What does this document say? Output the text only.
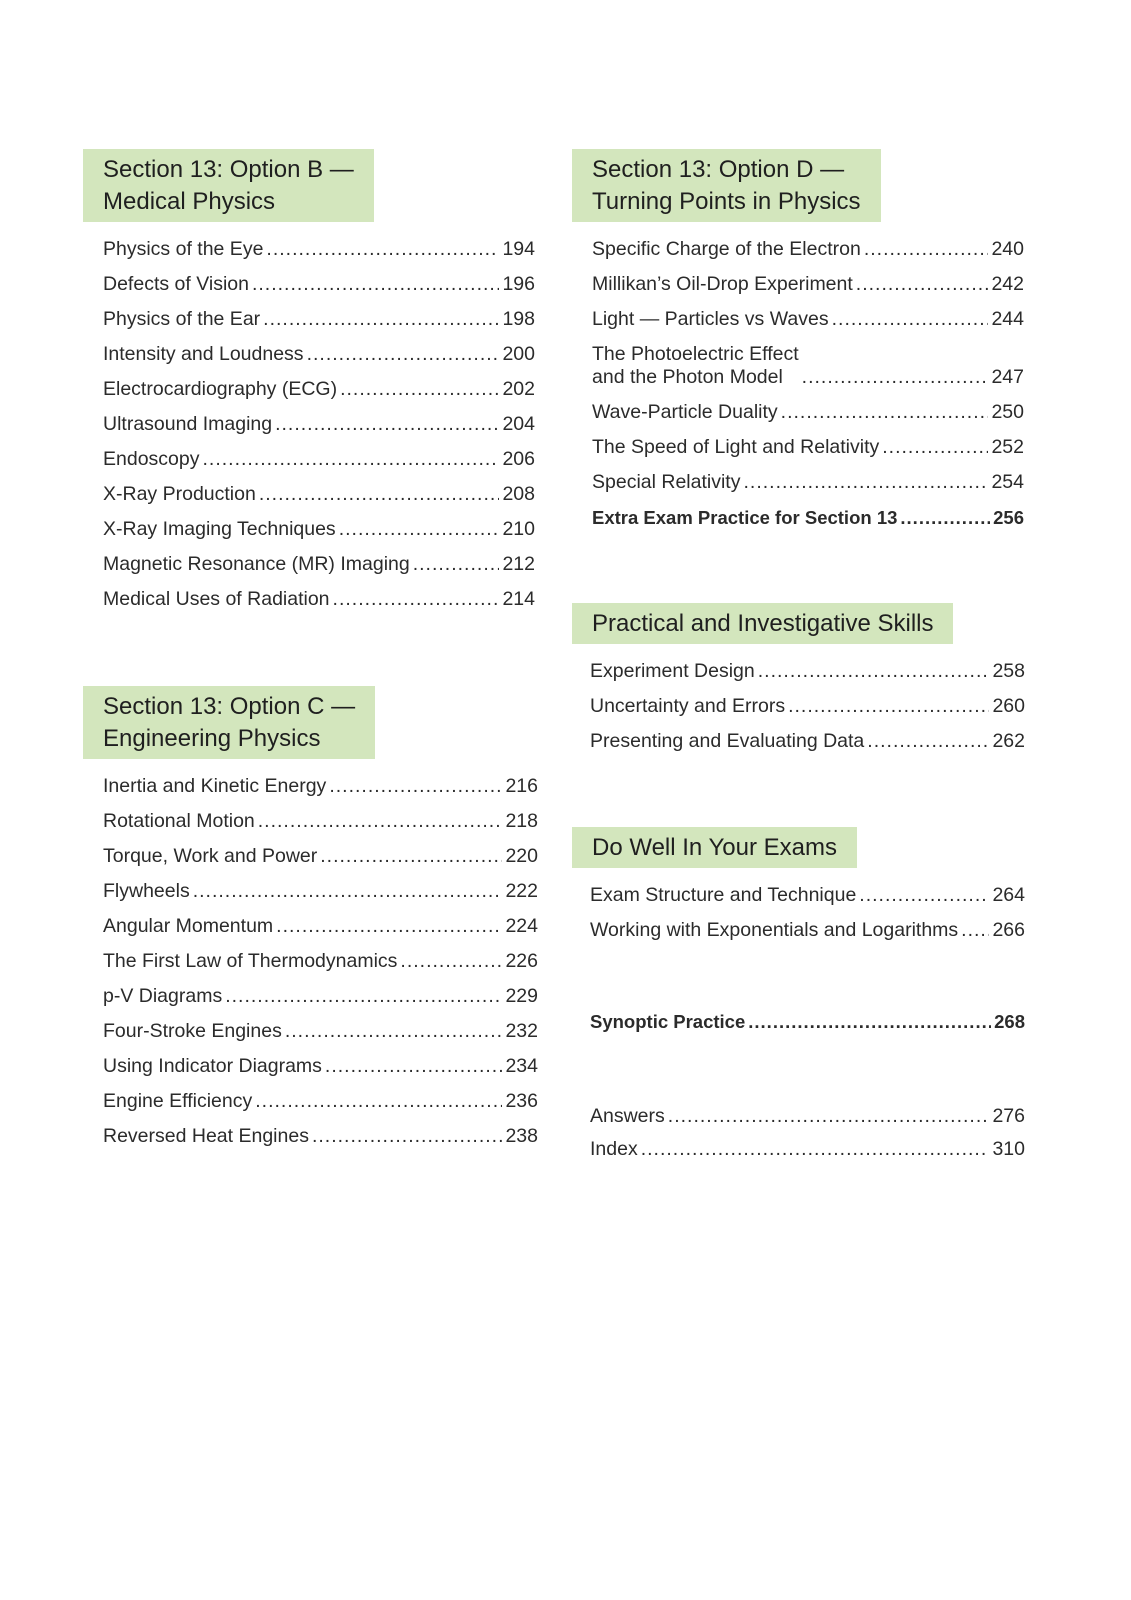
Section 13: Option B —
Medical Physics
Physics of the Eye .....	194
Defects of Vision .....	196
Physics of the Ear .....	198
Intensity and Loudness .....	200
Electrocardiography (ECG) .....	202
Ultrasound Imaging .....	204
Endoscopy .....	206
X-Ray Production .....	208
X-Ray Imaging Techniques .....	210
Magnetic Resonance (MR) Imaging .....	212
Medical Uses of Radiation .....	214
Section 13: Option C —
Engineering Physics
Inertia and Kinetic Energy .....	216
Rotational Motion .....	218
Torque, Work and Power .....	220
Flywheels .....	222
Angular Momentum .....	224
The First Law of Thermodynamics .....	226
p-V Diagrams .....	229
Four-Stroke Engines .....	232
Using Indicator Diagrams .....	234
Engine Efficiency .....	236
Reversed Heat Engines .....	238
Section 13: Option D —
Turning Points in Physics
Specific Charge of the Electron .....	240
Millikan’s Oil-Drop Experiment .....	242
Light — Particles vs Waves .....	244
The Photoelectric Effect
and the Photon Model .....	247
Wave-Particle Duality .....	250
The Speed of Light and Relativity .....	252
Special Relativity .....	254
Extra Exam Practice for Section 13 .....	256
Practical and Investigative Skills
Experiment Design .....	258
Uncertainty and Errors .....	260
Presenting and Evaluating Data .....	262
Do Well In Your Exams
Exam Structure and Technique .....	264
Working with Exponentials and Logarithms ..... 266
Synoptic Practice .....	268
Answers .....	276
Index .....	310
